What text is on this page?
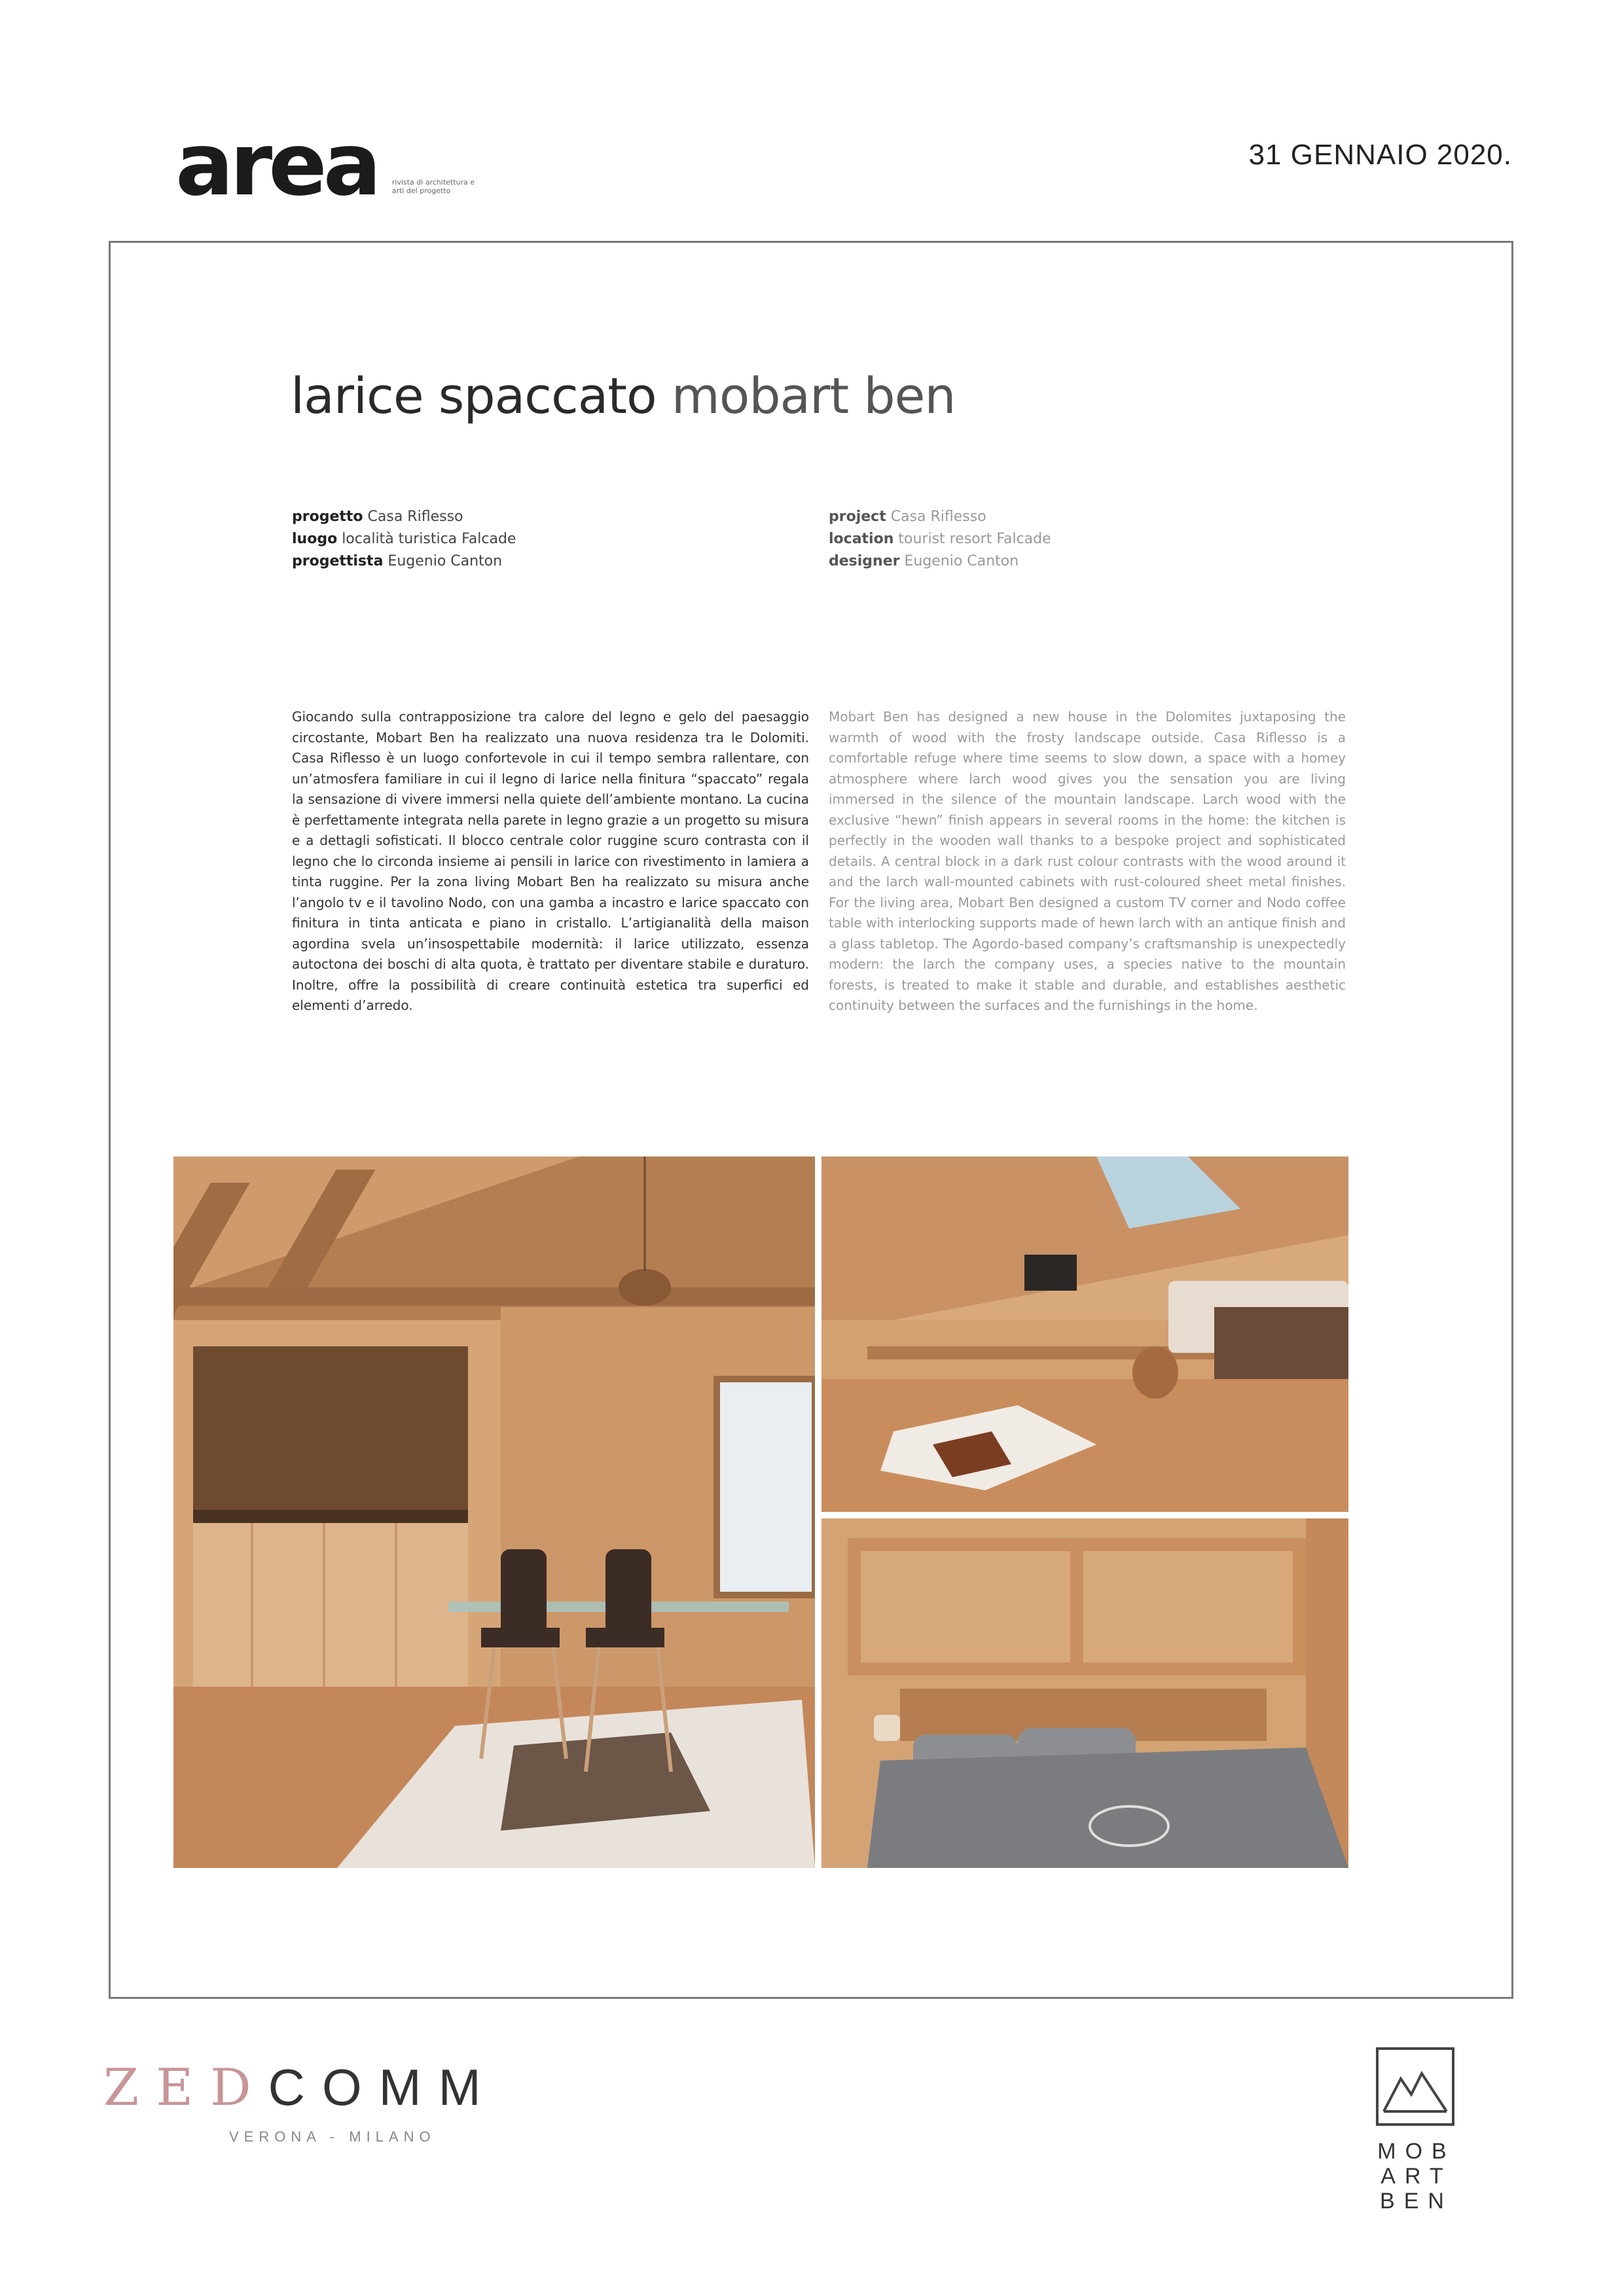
area rivista di architettura e arti del progetto
31 GENNAIO 2020.
larice spaccato mobart ben
progetto Casa Riflesso
luogo località turistica Falcade
progettista Eugenio Canton
project Casa Riflesso
location tourist resort Falcade
designer Eugenio Canton
Giocando sulla contrapposizione tra calore del legno e gelo del paesaggio circostante, Mobart Ben ha realizzato una nuova residenza tra le Dolomiti. Casa Riflesso è un luogo confortevole in cui il tempo sembra rallentare, con un’atmosfera familiare in cui il legno di larice nella finitura “spaccato” regala la sensazione di vivere immersi nella quiete dell’ambiente montano. La cucina è perfettamente integrata nella parete in legno grazie a un progetto su misura e a dettagli sofisticati. Il blocco centrale color ruggine scuro contrasta con il legno che lo circonda insieme ai pensili in larice con rivestimento in lamiera a tinta ruggine. Per la zona living Mobart Ben ha realizzato su misura anche l’angolo tv e il tavolino Nodo, con una gamba a incastro e larice spaccato con finitura in tinta anticata e piano in cristallo. L’artigianalità della maison agordina svela un’insospettabile modernità: il larice utilizzato, essenza autoctona dei boschi di alta quota, è trattato per diventare stabile e duraturo. Inoltre, offre la possibilità di creare continuità estetica tra superfici ed elementi d’arredo.
Mobart Ben has designed a new house in the Dolomites juxtaposing the warmth of wood with the frosty landscape outside. Casa Riflesso is a comfortable refuge where time seems to slow down, a space with a homey atmosphere where larch wood gives you the sensation you are living immersed in the silence of the mountain landscape. Larch wood with the exclusive “hewn” finish appears in several rooms in the home: the kitchen is perfectly in the wooden wall thanks to a bespoke project and sophisticated details. A central block in a dark rust colour contrasts with the wood around it and the larch wall-mounted cabinets with rust-coloured sheet metal finishes. For the living area, Mobart Ben designed a custom TV corner and Nodo coffee table with interlocking supports made of hewn larch with an antique finish and a glass tabletop. The Agordo-based company’s craftsmanship is unexpectedly modern: the larch the company uses, a species native to the mountain forests, is treated to make it stable and durable, and establishes aesthetic continuity between the surfaces and the furnishings in the home.
ZEDCOMM
VERONA - MILANO
MOB
ART
BEN
